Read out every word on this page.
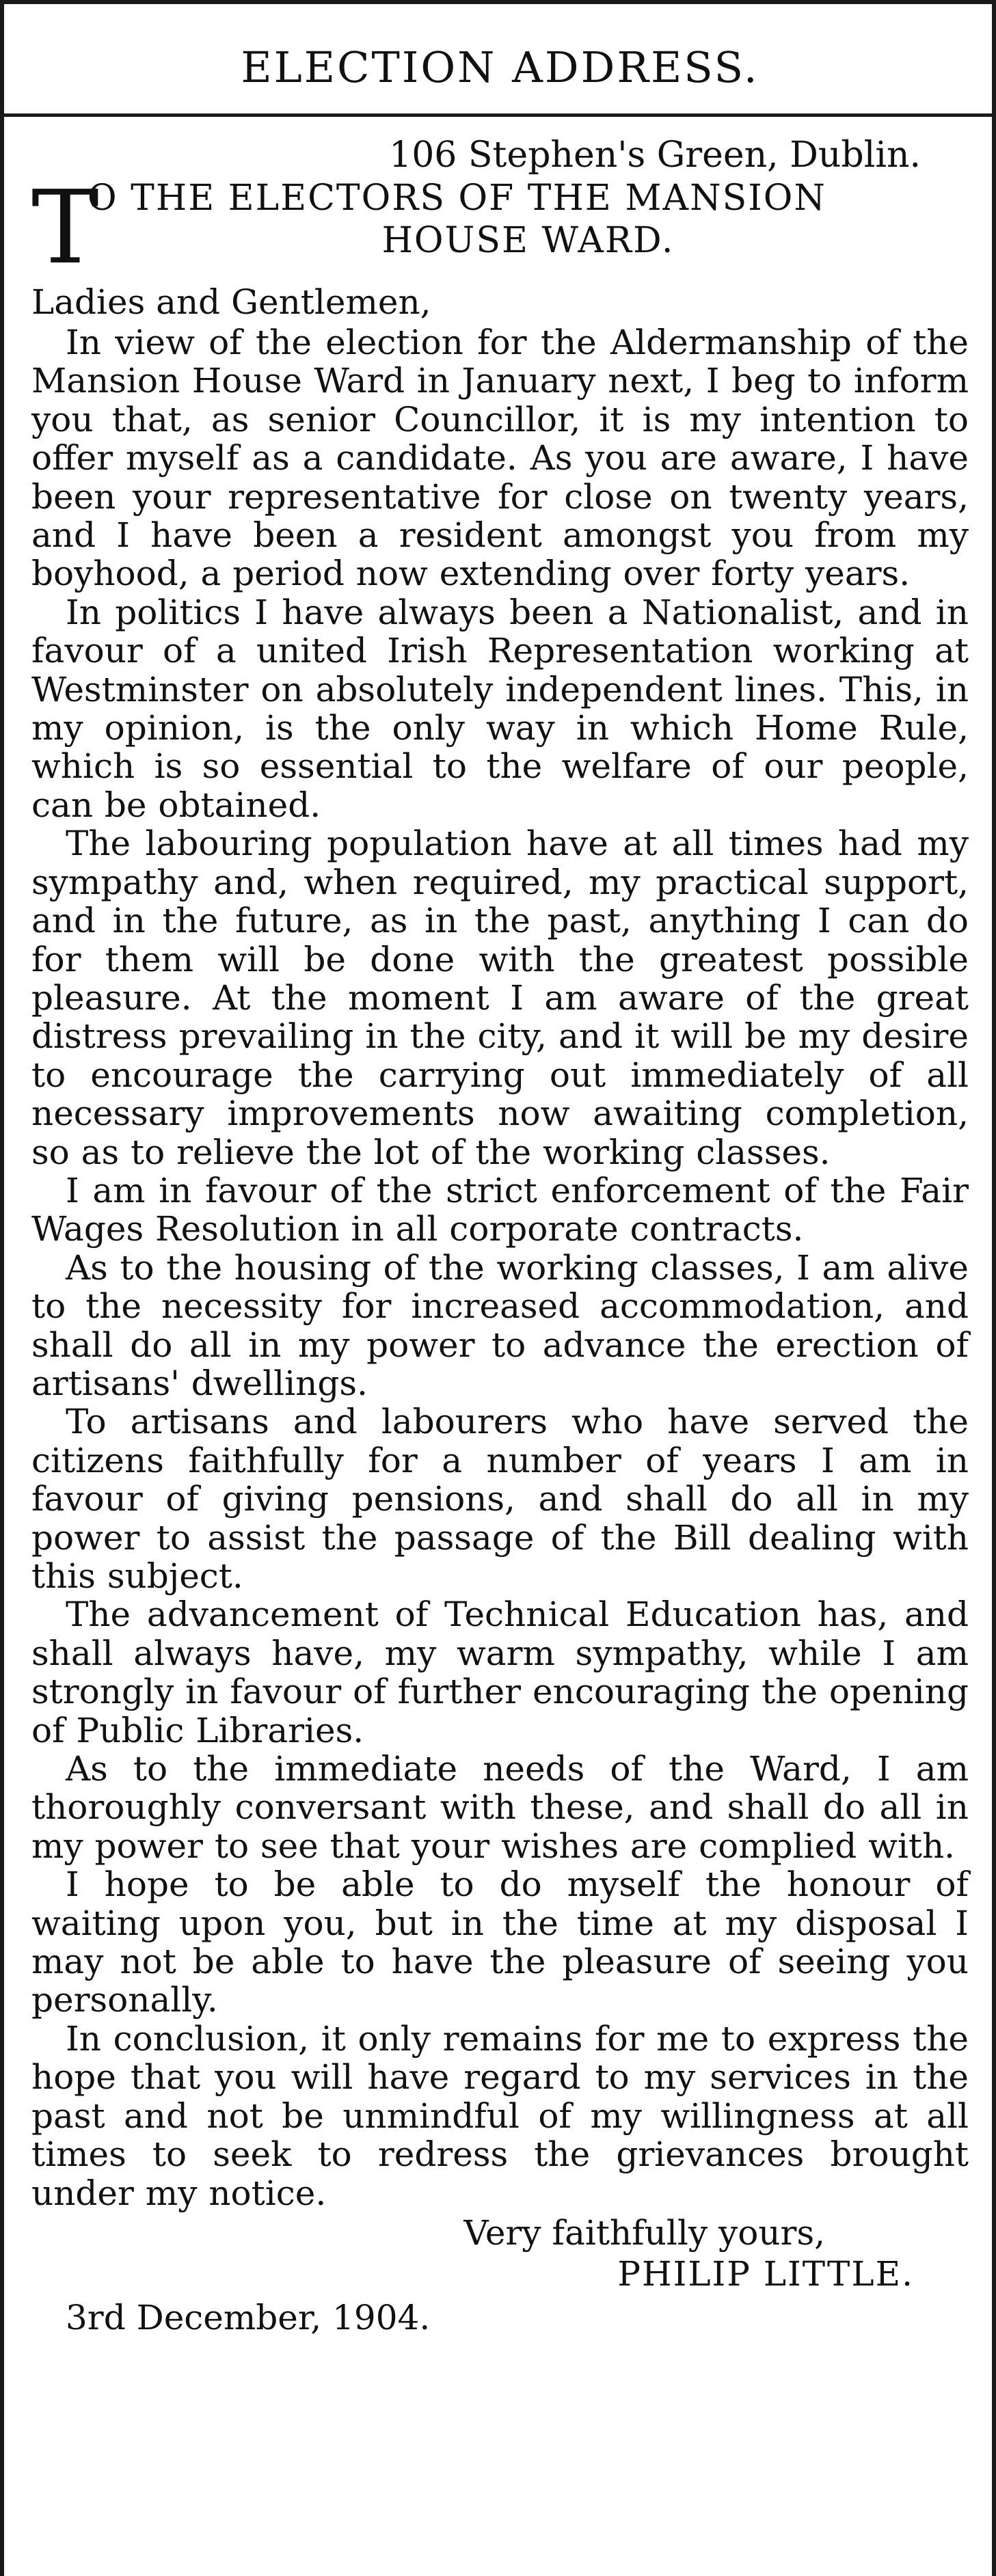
ELECTION ADDRESS.
106 Stephen's Green, Dublin.
T
O THE ELECTORS OF THE MANSION
HOUSE WARD.
Ladies and Gentlemen,

In view of the election for the Aldermanship of the Mansion House Ward in January next, I beg to inform you that, as senior Councillor, it is my intention to offer myself as a candidate. As you are aware, I have been your representative for close on twenty years, and I have been a resident amongst you from my boyhood, a period now extending over forty years.

In politics I have always been a Nationalist, and in favour of a united Irish Representation working at Westminster on absolutely independent lines. This, in my opinion, is the only way in which Home Rule, which is so essential to the welfare of our people, can be obtained.

The labouring population have at all times had my sympathy and, when required, my practical support, and in the future, as in the past, anything I can do for them will be done with the greatest possible pleasure. At the moment I am aware of the great distress prevailing in the city, and it will be my desire to encourage the carrying out immediately of all necessary improvements now awaiting completion, so as to relieve the lot of the working classes.

I am in favour of the strict enforcement of the Fair Wages Resolution in all corporate contracts.

As to the housing of the working classes, I am alive to the necessity for increased accommodation, and shall do all in my power to advance the erection of artisans' dwellings.

To artisans and labourers who have served the citizens faithfully for a number of years I am in favour of giving pensions, and shall do all in my power to assist the passage of the Bill dealing with this subject.

The advancement of Technical Education has, and shall always have, my warm sympathy, while I am strongly in favour of further encouraging the opening of Public Libraries.

As to the immediate needs of the Ward, I am thoroughly conversant with these, and shall do all in my power to see that your wishes are complied with.

I hope to be able to do myself the honour of waiting upon you, but in the time at my disposal I may not be able to have the pleasure of seeing you personally.

In conclusion, it only remains for me to express the hope that you will have regard to my services in the past and not be unmindful of my willingness at all times to seek to redress the grievances brought under my notice.

Very faithfully yours,
PHILIP LITTLE.
3rd December, 1904.
